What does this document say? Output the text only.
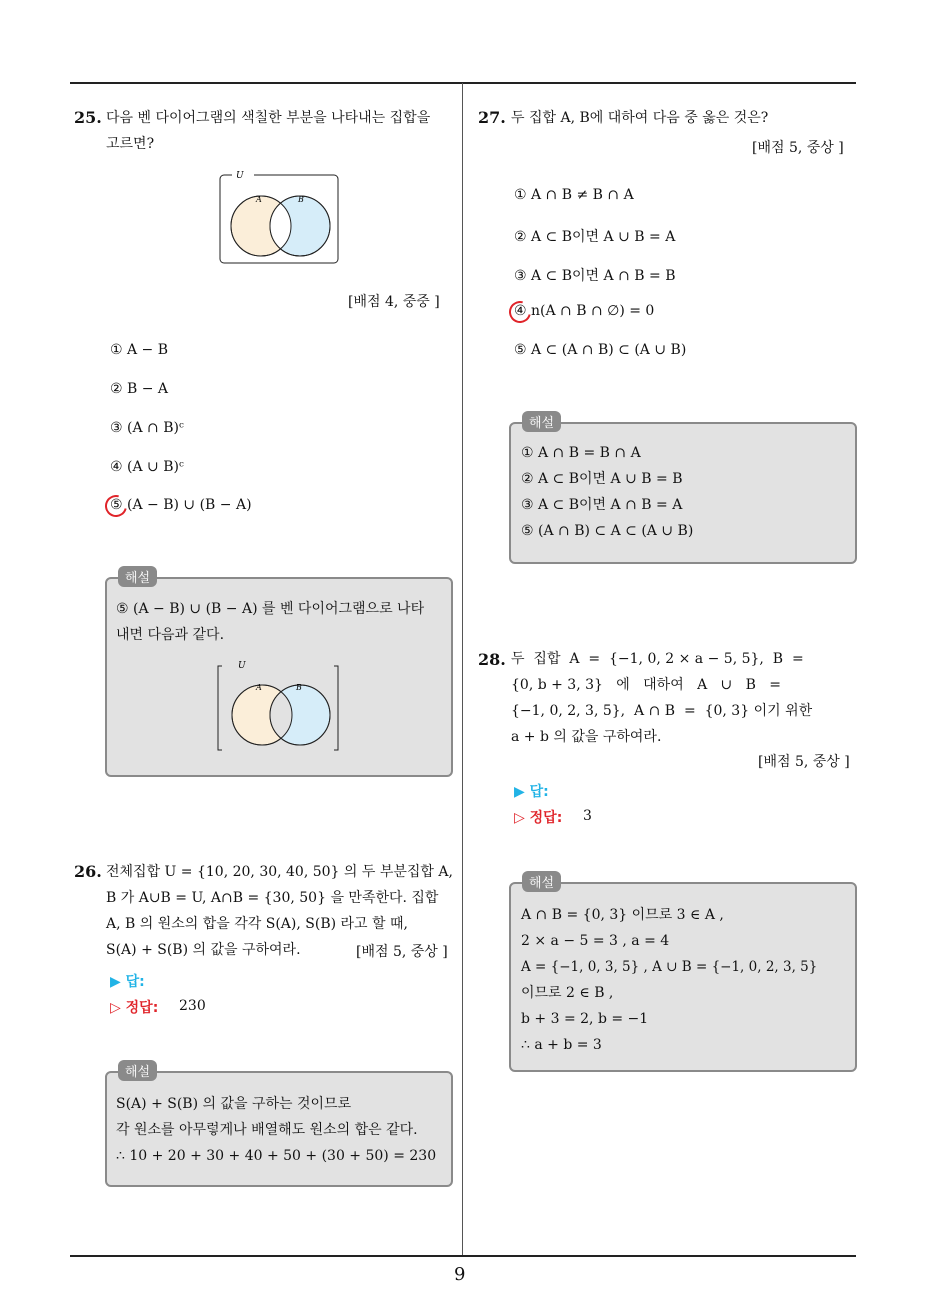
9
25. 다음 벤 다이어그램의 색칠한 부분을 나타내는 집합을
고르면?
U
A	B
[배점 4, 중중 ]
① A − B
② B − A
③ (A ∩ B)ᶜ
④ (A ∪ B)ᶜ
⑤ (A − B) ∪ (B − A)
해설
⑤ (A − B) ∪ (B − A) 를 벤 다이어그램으로 나타
내면 다음과 같다.
U
A	B
26. 전체집합 U = {10, 20, 30, 40, 50} 의 두 부분집합 A,
B 가 A∪B = U, A∩B = {30, 50} 을 만족한다. 집합
A, B 의 원소의 합을 각각 S(A), S(B) 라고 할 때,
S(A) + S(B) 의 값을 구하여라.	[배점 5, 중상 ]
▶ 답:
▷ 정답: 230
해설
S(A) + S(B) 의 값을 구하는 것이므로
각 원소를 아무렇게나 배열해도 원소의 합은 같다.
∴ 10 + 20 + 30 + 40 + 50 + (30 + 50) = 230
27. 두 집합 A, B에 대하여 다음 중 옳은 것은?
[배점 5, 중상 ]
① A ∩ B ≠ B ∩ A
② A ⊂ B이면 A ∪ B = A
③ A ⊂ B이면 A ∩ B = B
④ n(A ∩ B ∩ ∅) = 0
⑤ A ⊂ (A ∩ B) ⊂ (A ∪ B)
해설
① A ∩ B = B ∩ A
② A ⊂ B이면 A ∪ B = B
③ A ⊂ B이면 A ∩ B = A
⑤ (A ∩ B) ⊂ A ⊂ (A ∪ B)
28. 두  집합  A  =  {−1, 0, 2 × a − 5, 5},  B  =
{0, b + 3, 3}   에   대하여   A   ∪   B   =
{−1, 0, 2, 3, 5},  A ∩ B  =  {0, 3} 이기 위한
a + b 의 값을 구하여라.
[배점 5, 중상 ]
▶ 답:
▷ 정답: 3
해설
A ∩ B = {0, 3} 이므로 3 ∈ A ,
2 × a − 5 = 3 , a = 4
A = {−1, 0, 3, 5} , A ∪ B = {−1, 0, 2, 3, 5}
이므로 2 ∈ B ,
b + 3 = 2, b = −1
∴ a + b = 3
